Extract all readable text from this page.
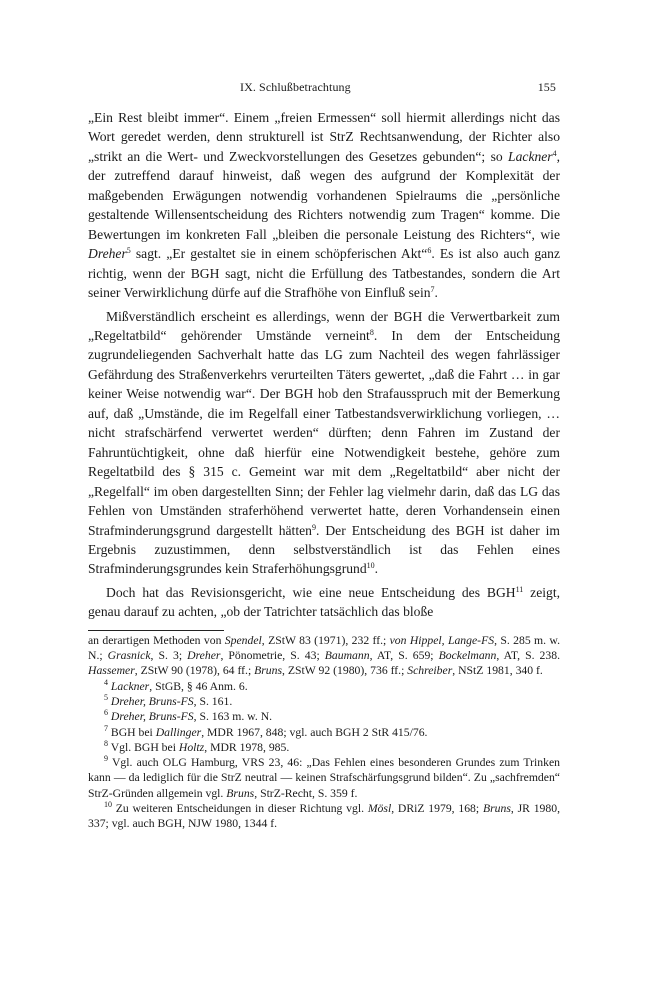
IX. Schlußbetrachtung	155

„Ein Rest bleibt immer“. Einem „freien Ermessen“ soll hiermit allerdings nicht das Wort geredet werden, denn strukturell ist StrZ Rechtsanwendung, der Richter also „strikt an die Wert- und Zweckvorstellungen des Gesetzes gebunden“; so Lackner$^4$, der zutreffend darauf hinweist, daß wegen des aufgrund der Komplexität der maßgebenden Erwägungen notwendig vorhandenen Spielraums die „persönliche gestaltende Willensentscheidung des Richters notwendig zum Tragen“ komme. Die Bewertungen im konkreten Fall „bleiben die personale Leistung des Richters“, wie Dreher$^5$ sagt. „Er gestaltet sie in einem schöpferischen Akt“$^6$. Es ist also auch ganz richtig, wenn der BGH sagt, nicht die Erfüllung des Tatbestandes, sondern die Art seiner Verwirklichung dürfe auf die Strafhöhe von Einfluß sein$^7$.

Mißverständlich erscheint es allerdings, wenn der BGH die Verwertbarkeit zum „Regeltatbild“ gehörender Umstände verneint$^8$. In dem der Entscheidung zugrundeliegenden Sachverhalt hatte das LG zum Nachteil des wegen fahrlässiger Gefährdung des Straßenverkehrs verurteilten Täters gewertet, „daß die Fahrt … in gar keiner Weise notwendig war“. Der BGH hob den Strafausspruch mit der Bemerkung auf, daß „Umstände, die im Regelfall einer Tatbestandsverwirklichung vorliegen, … nicht strafschärfend verwertet werden“ dürften; denn Fahren im Zustand der Fahruntüchtigkeit, ohne daß hierfür eine Notwendigkeit bestehe, gehöre zum Regeltatbild des § 315 c. Gemeint war mit dem „Regeltatbild“ aber nicht der „Regelfall“ im oben dargestellten Sinn; der Fehler lag vielmehr darin, daß das LG das Fehlen von Umständen straferhöhend verwertet hatte, deren Vorhandensein einen Strafminderungsgrund dargestellt hätten$^9$. Der Entscheidung des BGH ist daher im Ergebnis zuzustimmen, denn selbstverständlich ist das Fehlen eines Strafminderungsgrundes kein Straferhöhungsgrund$^{10}$.

Doch hat das Revisionsgericht, wie eine neue Entscheidung des BGH$^{11}$ zeigt, genau darauf zu achten, „ob der Tatrichter tatsächlich das bloße

an derartigen Methoden von Spendel, ZStW 83 (1971), 232 ff.; von Hippel, Lange-FS, S. 285 m. w. N.; Grasnick, S. 3; Dreher, Pönometrie, S. 43; Baumann, AT, S. 659; Bockelmann, AT, S. 238. Hassemer, ZStW 90 (1978), 64 ff.; Bruns, ZStW 92 (1980), 736 ff.; Schreiber, NStZ 1981, 340 f.

$^4$ Lackner, StGB, § 46 Anm. 6.

$^5$ Dreher, Bruns-FS, S. 161.

$^6$ Dreher, Bruns-FS, S. 163 m. w. N.

$^7$ BGH bei Dallinger, MDR 1967, 848; vgl. auch BGH 2 StR 415/76.

$^8$ Vgl. BGH bei Holtz, MDR 1978, 985.

$^9$ Vgl. auch OLG Hamburg, VRS 23, 46: „Das Fehlen eines besonderen Grundes zum Trinken kann — da lediglich für die StrZ neutral — keinen Strafschärfungsgrund bilden“. Zu „sachfremden“ StrZ-Gründen allgemein vgl. Bruns, StrZ-Recht, S. 359 f.

$^{10}$ Zu weiteren Entscheidungen in dieser Richtung vgl. Mösl, DRiZ 1979, 168; Bruns, JR 1980, 337; vgl. auch BGH, NJW 1980, 1344 f.
